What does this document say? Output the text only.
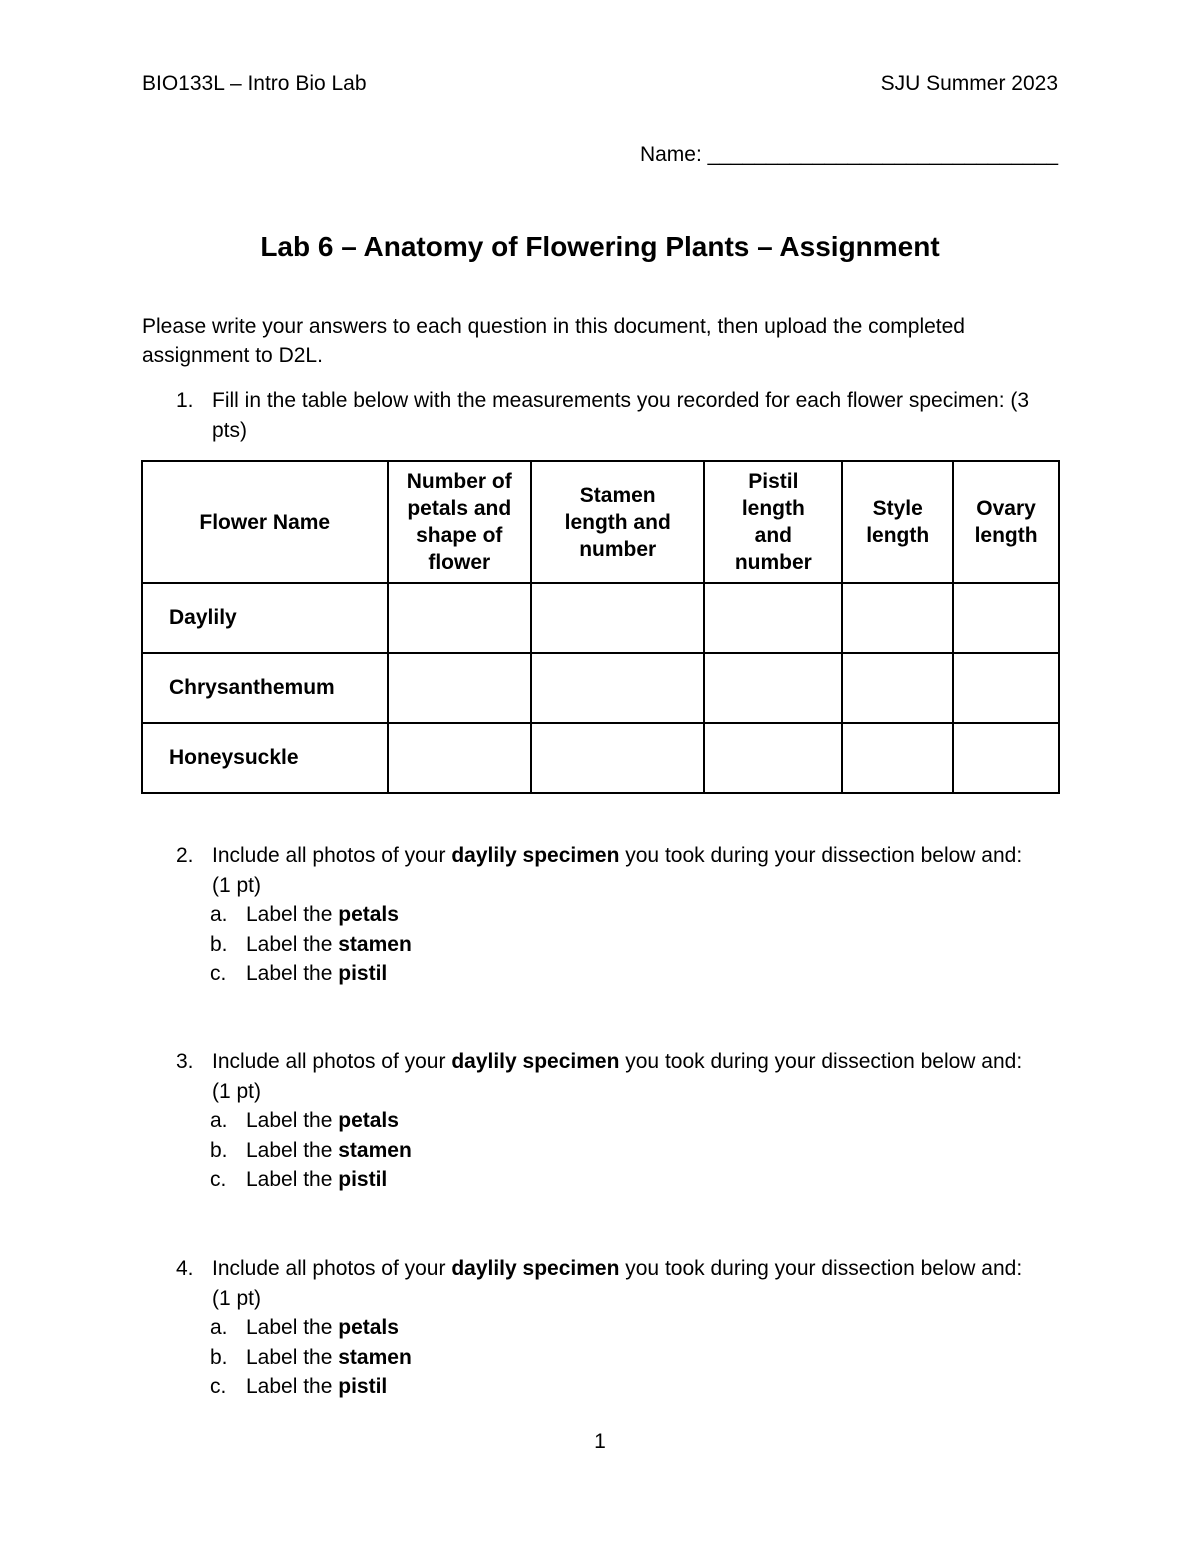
BIO133L – Intro Bio Lab	SJU Summer 2023
Name: ______________________________
Lab 6 – Anatomy of Flowering Plants – Assignment
Please write your answers to each question in this document, then upload the completed assignment to D2L.
1. Fill in the table below with the measurements you recorded for each flower specimen: (3 pts)
Flower Name	Number of petals and shape of flower	Stamen length and number	Pistil length and number	Style length	Ovary length
Daylily					
Chrysanthemum					
Honeysuckle					
2. Include all photos of your daylily specimen you took during your dissection below and: (1 pt)
a. Label the petals
b. Label the stamen
c. Label the pistil
3. Include all photos of your daylily specimen you took during your dissection below and: (1 pt)
a. Label the petals
b. Label the stamen
c. Label the pistil
4. Include all photos of your daylily specimen you took during your dissection below and: (1 pt)
a. Label the petals
b. Label the stamen
c. Label the pistil
1
